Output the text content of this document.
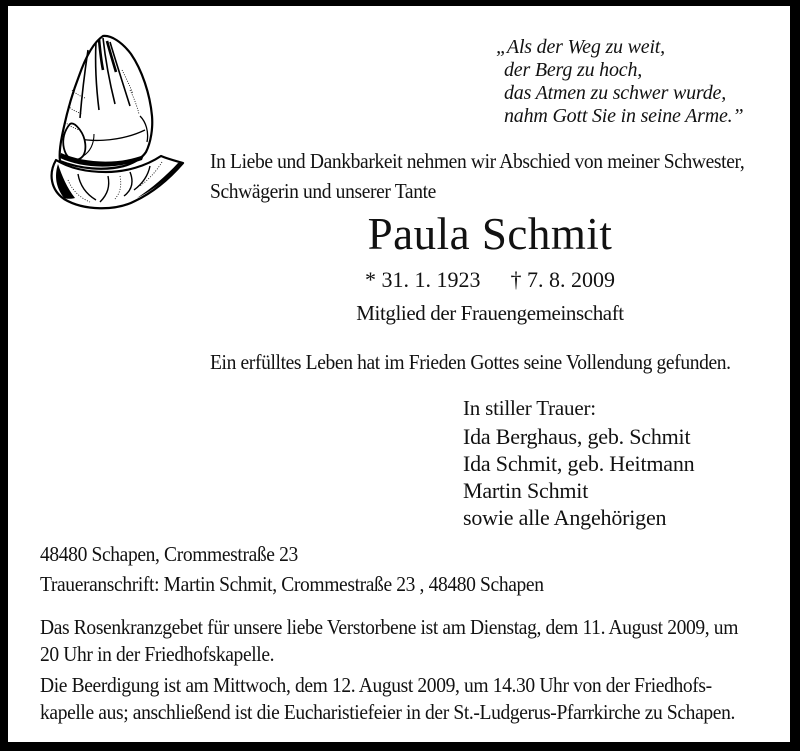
„Als der Weg zu weit,
der Berg zu hoch,
das Atmen zu schwer wurde,
nahm Gott Sie in seine Arme.”
In Liebe und Dankbarkeit nehmen wir Abschied von meiner Schwester,
Schwägerin und unserer Tante
Paula Schmit
* 31. 1. 1923 † 7. 8. 2009
Mitglied der Frauengemeinschaft
Ein erfülltes Leben hat im Frieden Gottes seine Vollendung gefunden.
In stiller Trauer:
Ida Berghaus, geb. Schmit
Ida Schmit, geb. Heitmann
Martin Schmit
sowie alle Angehörigen
48480 Schapen, Crommestraße 23
Traueranschrift: Martin Schmit, Crommestraße 23 , 48480 Schapen
Das Rosenkranzgebet für unsere liebe Verstorbene ist am Dienstag, dem 11. August 2009, um
20 Uhr in der Friedhofskapelle.
Die Beerdigung ist am Mittwoch, dem 12. August 2009, um 14.30 Uhr von der Friedhofs-
kapelle aus; anschließend ist die Eucharistiefeier in der St.-Ludgerus-Pfarrkirche zu Schapen.
